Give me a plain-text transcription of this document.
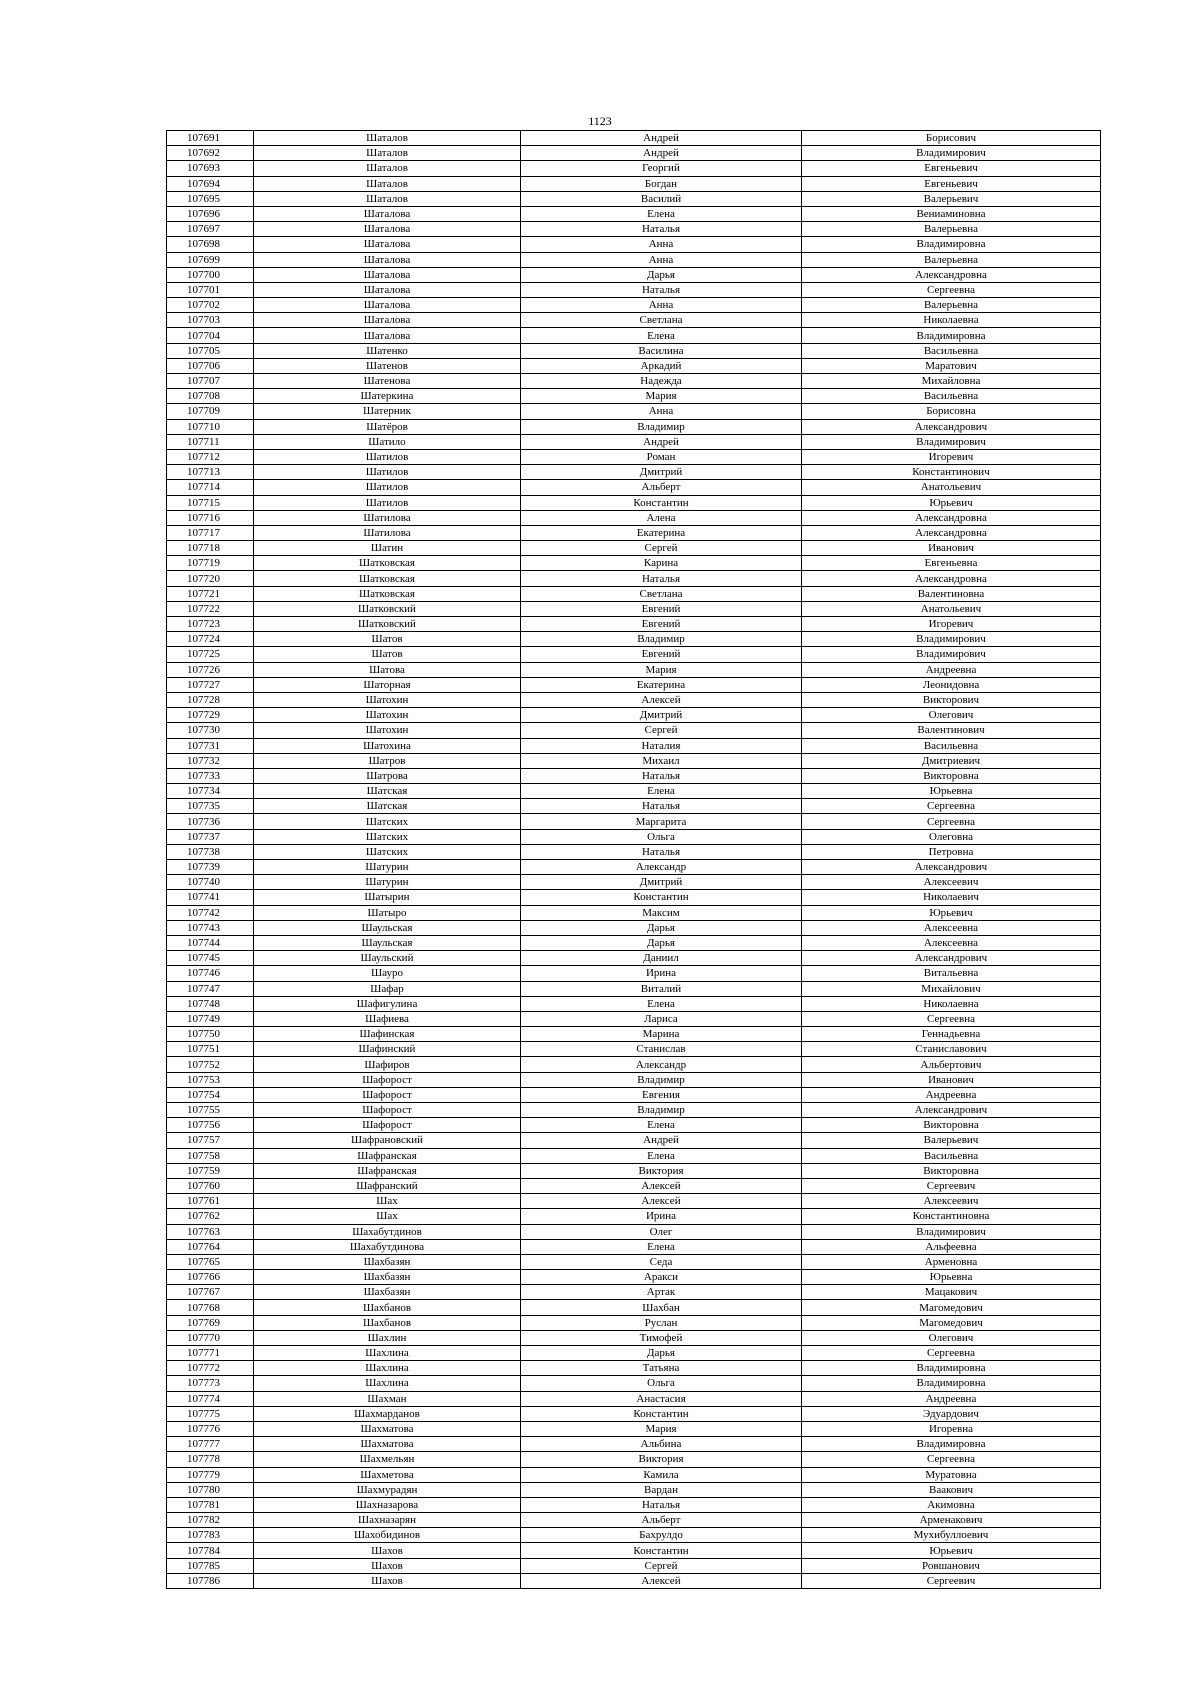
1123
107691	Шаталов	Андрей	Борисович
107692	Шаталов	Андрей	Владимирович
107693	Шаталов	Георгий	Евгеньевич
107694	Шаталов	Богдан	Евгеньевич
107695	Шаталов	Василий	Валерьевич
107696	Шаталова	Елена	Вениаминовна
107697	Шаталова	Наталья	Валерьевна
107698	Шаталова	Анна	Владимировна
107699	Шаталова	Анна	Валерьевна
107700	Шаталова	Дарья	Александровна
107701	Шаталова	Наталья	Сергеевна
107702	Шаталова	Анна	Валерьевна
107703	Шаталова	Светлана	Николаевна
107704	Шаталова	Елена	Владимировна
107705	Шатенко	Василина	Васильевна
107706	Шатенов	Аркадий	Маратович
107707	Шатенова	Надежда	Михайловна
107708	Шатеркина	Мария	Васильевна
107709	Шатерник	Анна	Борисовна
107710	Шатёров	Владимир	Александрович
107711	Шатило	Андрей	Владимирович
107712	Шатилов	Роман	Игоревич
107713	Шатилов	Дмитрий	Константинович
107714	Шатилов	Альберт	Анатольевич
107715	Шатилов	Константин	Юрьевич
107716	Шатилова	Алена	Александровна
107717	Шатилова	Екатерина	Александровна
107718	Шатин	Сергей	Иванович
107719	Шатковская	Карина	Евгеньевна
107720	Шатковская	Наталья	Александровна
107721	Шатковская	Светлана	Валентиновна
107722	Шатковский	Евгений	Анатольевич
107723	Шатковский	Евгений	Игоревич
107724	Шатов	Владимир	Владимирович
107725	Шатов	Евгений	Владимирович
107726	Шатова	Мария	Андреевна
107727	Шаторная	Екатерина	Леонидовна
107728	Шатохин	Алексей	Викторович
107729	Шатохин	Дмитрий	Олегович
107730	Шатохин	Сергей	Валентинович
107731	Шатохина	Наталия	Васильевна
107732	Шатров	Михаил	Дмитриевич
107733	Шатрова	Наталья	Викторовна
107734	Шатская	Елена	Юрьевна
107735	Шатская	Наталья	Сергеевна
107736	Шатских	Маргарита	Сергеевна
107737	Шатских	Ольга	Олеговна
107738	Шатских	Наталья	Петровна
107739	Шатурин	Александр	Александрович
107740	Шатурин	Дмитрий	Алексеевич
107741	Шатырин	Константин	Николаевич
107742	Шатыро	Максим	Юрьевич
107743	Шаульская	Дарья	Алексеевна
107744	Шаульская	Дарья	Алексеевна
107745	Шаульский	Даниил	Александрович
107746	Шауро	Ирина	Витальевна
107747	Шафар	Виталий	Михайлович
107748	Шафигулина	Елена	Николаевна
107749	Шафиева	Лариса	Сергеевна
107750	Шафинская	Марина	Геннадьевна
107751	Шафинский	Станислав	Станиславович
107752	Шафиров	Александр	Альбертович
107753	Шафорост	Владимир	Иванович
107754	Шафорост	Евгения	Андреевна
107755	Шафорост	Владимир	Александрович
107756	Шафорост	Елена	Викторовна
107757	Шафрановский	Андрей	Валерьевич
107758	Шафранская	Елена	Васильевна
107759	Шафранская	Виктория	Викторовна
107760	Шафранский	Алексей	Сергеевич
107761	Шах	Алексей	Алексеевич
107762	Шах	Ирина	Константиновна
107763	Шахабутдинов	Олег	Владимирович
107764	Шахабутдинова	Елена	Альфеевна
107765	Шахбазян	Седа	Арменовна
107766	Шахбазян	Аракси	Юрьевна
107767	Шахбазян	Артак	Мацакович
107768	Шахбанов	Шахбан	Магомедович
107769	Шахбанов	Руслан	Магомедович
107770	Шахлин	Тимофей	Олегович
107771	Шахлина	Дарья	Сергеевна
107772	Шахлина	Татьяна	Владимировна
107773	Шахлина	Ольга	Владимировна
107774	Шахман	Анастасия	Андреевна
107775	Шахмарданов	Константин	Эдуардович
107776	Шахматова	Мария	Игоревна
107777	Шахматова	Альбина	Владимировна
107778	Шахмельян	Виктория	Сергеевна
107779	Шахметова	Камила	Муратовна
107780	Шахмурадян	Вардан	Ваакович
107781	Шахназарова	Наталья	Акимовна
107782	Шахназарян	Альберт	Арменакович
107783	Шахобидинов	Бахрулдо	Мухибуллоевич
107784	Шахов	Константин	Юрьевич
107785	Шахов	Сергей	Ровшанович
107786	Шахов	Алексей	Сергеевич
